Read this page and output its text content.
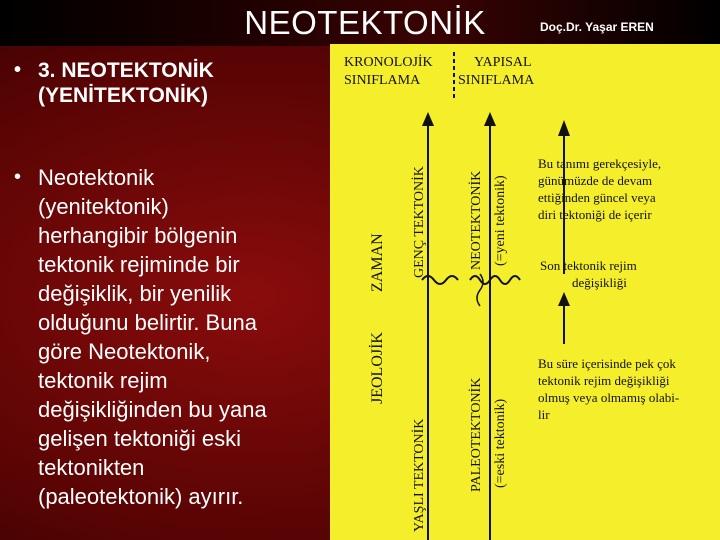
NEOTEKTONİK	Doç.Dr. Yaşar EREN
• 3. NEOTEKTONİK
(YENİTEKTONİK)
• Neotektonik
(yenitektonik)
herhangibir bölgenin
tektonik rejiminde bir
değişiklik, bir yenilik
olduğunu belirtir. Buna
göre Neotektonik,
tektonik rejim
değişikliğinden bu yana
gelişen tektoniği eski
tektonikten
(paleotektonik) ayırır.
KRONOLOJİK
SINIFLAMA
YAPISAL
SINIFLAMA
JEOLOJİK
ZAMAN GENÇ TEKTONİK
YAŞLI TEKTONİK
NEOTEKTONİK (=yeni tektonik)
PALEOTEKTONİK (=eski tektonik)
Bu tanımı gerekçesiyle,
günümüzde de devam
ettiğinden güncel veya
diri tektoniği de içerir
Son tektonik rejim
değişikliği
Bu süre içerisinde pek çok
tektonik rejim değişikliği
olmuş veya olmamış olabi-
lir
